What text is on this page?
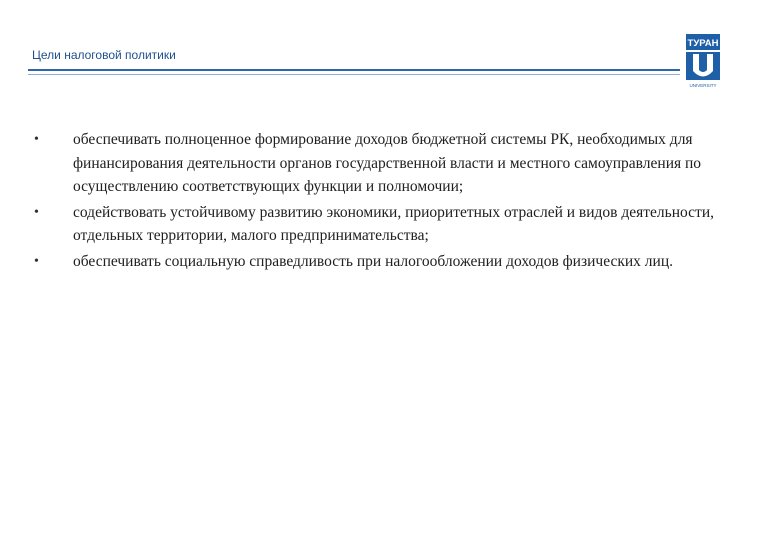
Цели налоговой политики
ТУРАН
UNIVERSITY
• обеспечивать полноценное формирование доходов бюджетной системы РК, необходимых для финансирования деятельности органов государственной власти и местного самоуправления по осуществлению соответствующих функции и полномочии;
• содействовать устойчивому развитию экономики, приоритетных отраслей и видов деятельности, отдельных территории, малого предпринимательства;
• обеспечивать социальную справедливость при налогообложении доходов физических лиц.
